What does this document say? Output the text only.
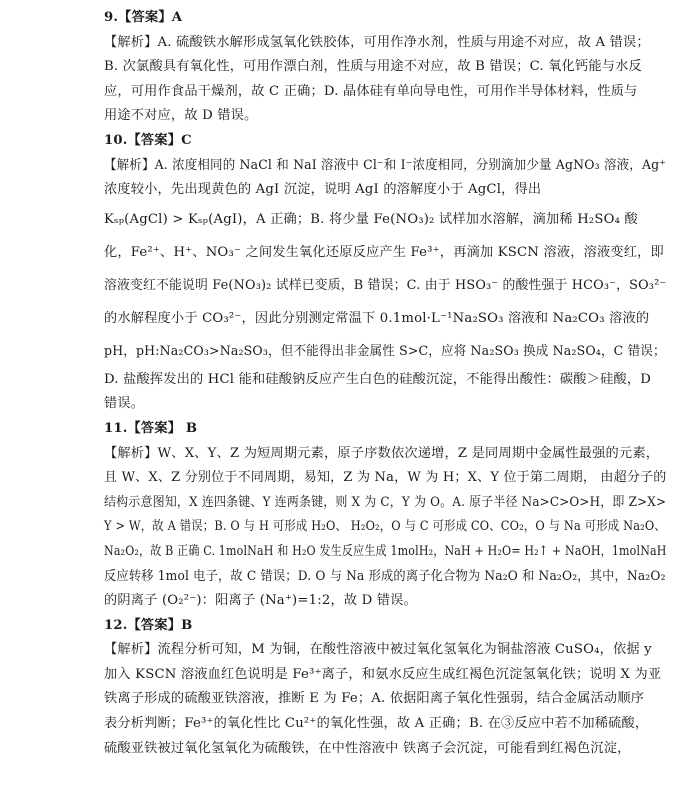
9.【答案】A
【解析】A. 硫酸铁水解形成氢氧化铁胶体，可用作净水剂，性质与用途不对应，故 A 错误；
B. 次氯酸具有氧化性，可用作漂白剂，性质与用途不对应，故 B 错误；C. 氧化钙能与水反
应，可用作食品干燥剂，故 C 正确；D. 晶体硅有单向导电性，可用作半导体材料，性质与
用途不对应，故 D 错误。
10.【答案】C
【解析】A. 浓度相同的 NaCl 和 NaI 溶液中 Cl⁻和 I⁻浓度相同，分别滴加少量 AgNO₃ 溶液，Ag⁺
浓度较小，先出现黄色的 AgI 沉淀，说明 AgI 的溶解度小于 AgCl，得出
Kₛₚ(AgCl) > Kₛₚ(AgI)，A 正确；B. 将少量 Fe(NO₃)₂ 试样加水溶解，滴加稀 H₂SO₄ 酸
化，Fe²⁺、H⁺、NO₃⁻ 之间发生氧化还原反应产生 Fe³⁺，再滴加 KSCN 溶液，溶液变红，即
溶液变红不能说明 Fe(NO₃)₂ 试样已变质，B 错误；C. 由于 HSO₃⁻ 的酸性强于 HCO₃⁻，SO₃²⁻
的水解程度小于 CO₃²⁻，因此分别测定常温下 0.1mol·L⁻¹Na₂SO₃ 溶液和 Na₂CO₃ 溶液的
pH，pH:Na₂CO₃>Na₂SO₃，但不能得出非金属性 S>C，应将 Na₂SO₃ 换成 Na₂SO₄，C 错误；
D. 盐酸挥发出的 HCl 能和硅酸钠反应产生白色的硅酸沉淀，不能得出酸性：碳酸＞硅酸，D
错误。
11.【答案】 B
【解析】W、X、Y、Z 为短周期元素，原子序数依次递增，Z 是同周期中金属性最强的元素，
且 W、X、Z 分别位于不同周期，易知，Z 为 Na，W 为 H；X、Y 位于第二周期， 由超分子的
结构示意图知，X 连四条键、Y 连两条键，则 X 为 C，Y 为 O。A. 原子半径 Na>C>O>H，即 Z>X>
Y > W，故 A 错误；B. O 与 H 可形成 H₂O、 H₂O₂，O 与 C 可形成 CO、CO₂，O 与 Na 可形成 Na₂O、
Na₂O₂，故 B 正确 C. 1molNaH 和 H₂O 发生反应生成 1molH₂，NaH + H₂O= H₂↑ + NaOH，1molNaH
反应转移 1mol 电子，故 C 错误；D. O 与 Na 形成的离子化合物为 Na₂O 和 Na₂O₂，其中，Na₂O₂
的阴离子 (O₂²⁻)：阳离子 (Na⁺)=1:2，故 D 错误。
12.【答案】B
【解析】流程分析可知，M 为铜，在酸性溶液中被过氧化氢氧化为铜盐溶液 CuSO₄，依据 y
加入 KSCN 溶液血红色说明是 Fe³⁺离子，和氨水反应生成红褐色沉淀氢氧化铁；说明 X 为亚
铁离子形成的硫酸亚铁溶液，推断 E 为 Fe；A. 依据阳离子氧化性强弱，结合金属活动顺序
表分析判断；Fe³⁺的氧化性比 Cu²⁺的氧化性强，故 A 正确；B. 在③反应中若不加稀硫酸，
硫酸亚铁被过氧化氢氧化为硫酸铁，在中性溶液中 铁离子会沉淀，可能看到红褐色沉淀，
